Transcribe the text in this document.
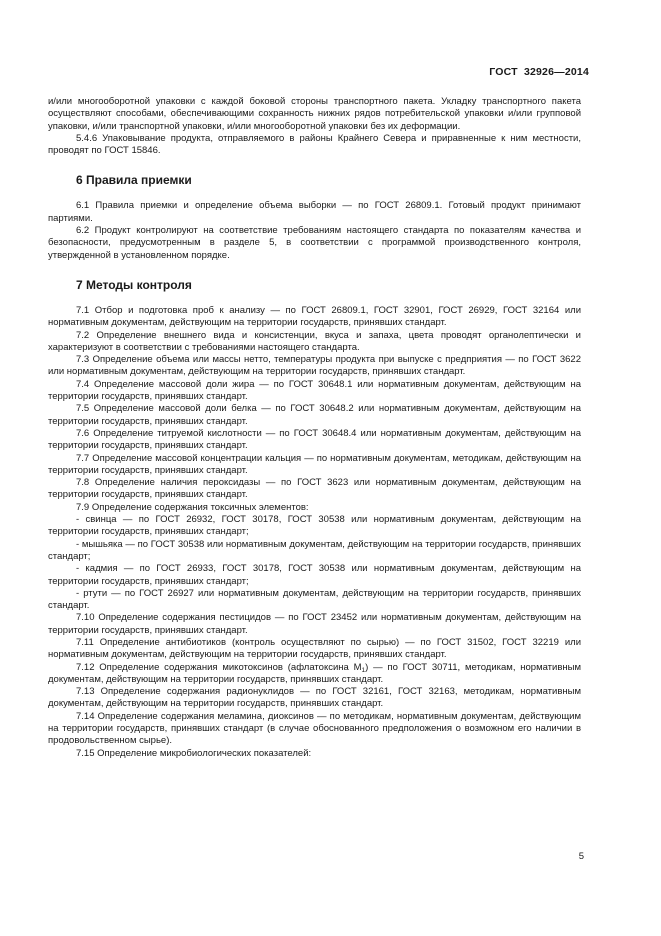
ГОСТ  32926—2014

и/или многооборотной упаковки с каждой боковой стороны транспортного пакета. Укладку транспортного пакета осуществляют способами, обеспечивающими сохранность нижних рядов потребительской упаковки и/или групповой упаковки, и/или транспортной упаковки, и/или многооборотной упаковки без их деформации.

5.4.6 Упаковывание продукта, отправляемого в районы Крайнего Севера и приравненные к ним местности, проводят по ГОСТ 15846.

6 Правила приемки

6.1 Правила приемки и определение объема выборки — по ГОСТ 26809.1. Готовый продукт принимают партиями.

6.2 Продукт контролируют на соответствие требованиям настоящего стандарта по показателям качества и безопасности, предусмотренным в разделе 5, в соответствии с программой производственного контроля, утвержденной в установленном порядке.

7 Методы контроля

7.1 Отбор и подготовка проб к анализу — по ГОСТ 26809.1, ГОСТ 32901, ГОСТ 26929, ГОСТ 32164 или нормативным документам, действующим на территории государств, принявших стандарт.

7.2 Определение внешнего вида и консистенции, вкуса и запаха, цвета проводят органолептически и характеризуют в соответствии с требованиями настоящего стандарта.

7.3 Определение объема или массы нетто, температуры продукта при выпуске с предприятия — по ГОСТ 3622 или нормативным документам, действующим на территории государств, принявших стандарт.

7.4 Определение массовой доли жира — по ГОСТ 30648.1 или нормативным документам, действующим на территории государств, принявших стандарт.

7.5 Определение массовой доли белка — по ГОСТ 30648.2 или нормативным документам, действующим на территории государств, принявших стандарт.

7.6 Определение титруемой кислотности — по ГОСТ 30648.4 или нормативным документам, действующим на территории государств, принявших стандарт.

7.7 Определение массовой концентрации кальция — по нормативным документам, методикам, действующим на территории государств, принявших стандарт.

7.8 Определение наличия пероксидазы — по ГОСТ 3623 или нормативным документам, действующим на территории государств, принявших стандарт.

7.9 Определение содержания токсичных элементов:

- свинца — по ГОСТ 26932, ГОСТ 30178, ГОСТ 30538 или нормативным документам, действующим на территории государств, принявших стандарт;

- мышьяка — по ГОСТ 30538 или нормативным документам, действующим на территории государств, принявших стандарт;

- кадмия — по ГОСТ 26933, ГОСТ 30178, ГОСТ 30538 или нормативным документам, действующим на территории государств, принявших стандарт;

- ртути — по ГОСТ 26927 или нормативным документам, действующим на территории государств, принявших стандарт.

7.10 Определение содержания пестицидов — по ГОСТ 23452 или нормативным документам, действующим на территории государств, принявших стандарт.

7.11 Определение антибиотиков (контроль осуществляют по сырью) — по ГОСТ 31502, ГОСТ 32219 или нормативным документам, действующим на территории государств, принявших стандарт.

7.12 Определение содержания микотоксинов (афлатоксина $M_1$) — по ГОСТ 30711, методикам, нормативным документам, действующим на территории государств, принявших стандарт.

7.13 Определение содержания радионуклидов — по ГОСТ 32161, ГОСТ 32163, методикам, нормативным документам, действующим на территории государств, принявших стандарт.

7.14 Определение содержания меламина, диоксинов — по методикам, нормативным документам, действующим на территории государств, принявших стандарт (в случае обоснованного предположения о возможном его наличии в продовольственном сырье).

7.15 Определение микробиологических показателей:

5
